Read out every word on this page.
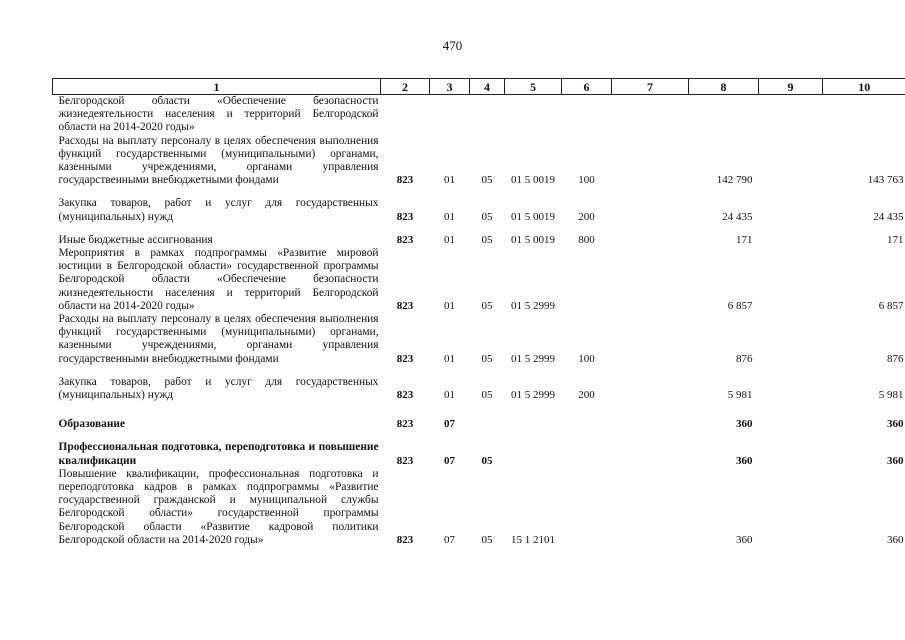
470
1	2	3	4	5	6	7	8	9	10

Белгородской области «Обеспечение безопасности жизнедеятельности населения и территорий Белгородской области на 2014-2020 годы»

Расходы на выплату персоналу в целях обеспечения выполнения функций государственными (муниципальными) органами, казенными учреждениями, органами управления государственными внебюджетными фондами	823	01	05	01 5 0019	100		142 790		143 763

Закупка товаров, работ и услуг для государственных (муниципальных) нужд	823	01	05	01 5 0019	200		24 435		24 435

Иные бюджетные ассигнования	823	01	05	01 5 0019	800		171		171

Мероприятия в рамках подпрограммы «Развитие мировой юстиции в Белгородской области» государственной программы Белгородской области «Обеспечение безопасности жизнедеятельности населения и территорий Белгородской области на 2014-2020 годы»	823	01	05	01 5 2999			6 857		6 857

Расходы на выплату персоналу в целях обеспечения выполнения функций государственными (муниципальными) органами, казенными учреждениями, органами управления государственными внебюджетными фондами	823	01	05	01 5 2999	100		876		876

Закупка товаров, работ и услуг для государственных (муниципальных) нужд	823	01	05	01 5 2999	200		5 981		5 981

Образование	823	07					360		360

Профессиональная подготовка, переподготовка и повышение квалификации	823	07	05				360		360

Повышение квалификации, профессиональная подготовка и переподготовка кадров в рамках подпрограммы «Развитие государственной гражданской и муниципальной службы Белгородской области» государственной программы Белгородской области «Развитие кадровой политики Белгородской области на 2014-2020 годы»	823	07	05	15 1 2101			360		360
